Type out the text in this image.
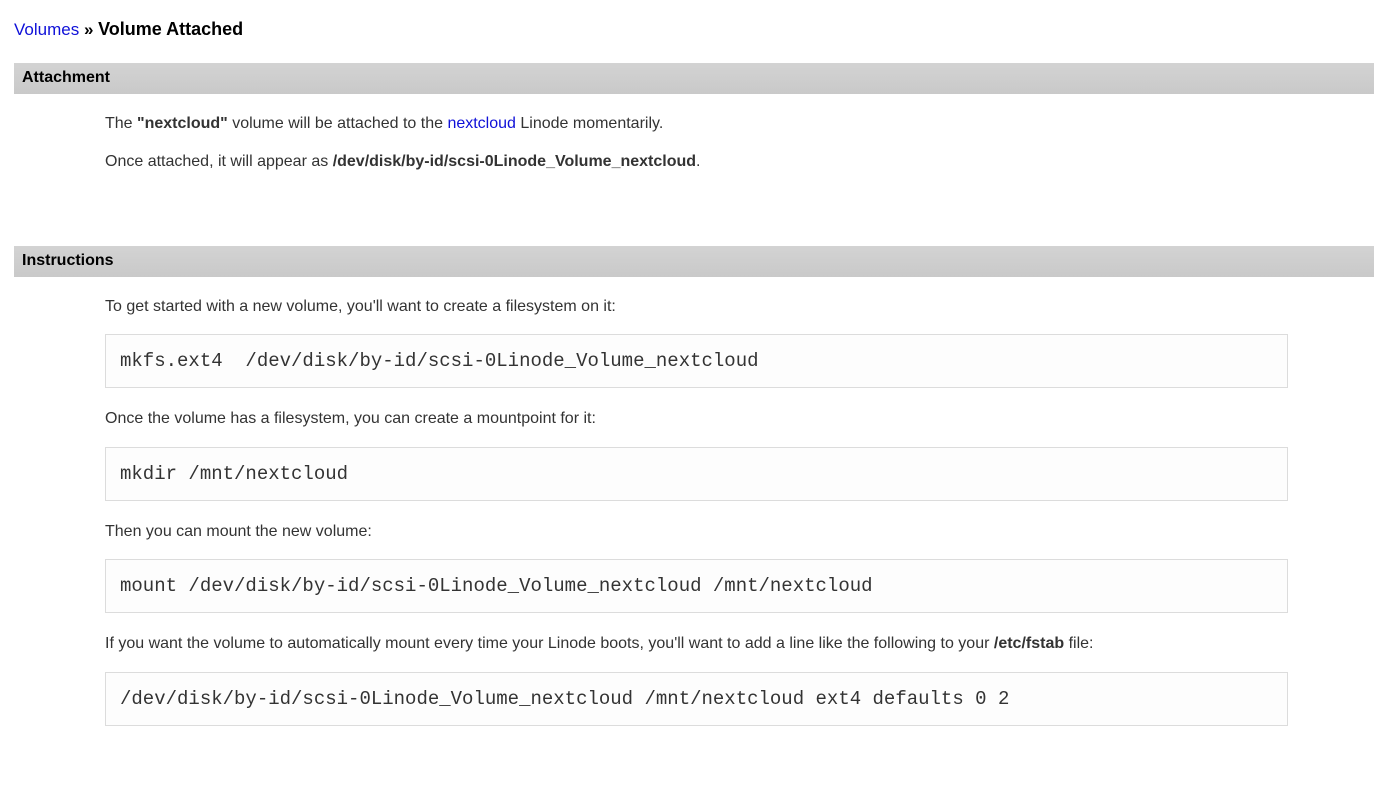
Volumes » Volume Attached
Attachment

The "nextcloud" volume will be attached to the nextcloud Linode momentarily.

Once attached, it will appear as /dev/disk/by-id/scsi-0Linode_Volume_nextcloud.

Instructions

To get started with a new volume, you'll want to create a filesystem on it:

mkfs.ext4  /dev/disk/by-id/scsi-0Linode_Volume_nextcloud

Once the volume has a filesystem, you can create a mountpoint for it:

mkdir /mnt/nextcloud

Then you can mount the new volume:

mount /dev/disk/by-id/scsi-0Linode_Volume_nextcloud /mnt/nextcloud

If you want the volume to automatically mount every time your Linode boots, you'll want to add a line like the following to your /etc/fstab file:

/dev/disk/by-id/scsi-0Linode_Volume_nextcloud /mnt/nextcloud ext4 defaults 0 2
